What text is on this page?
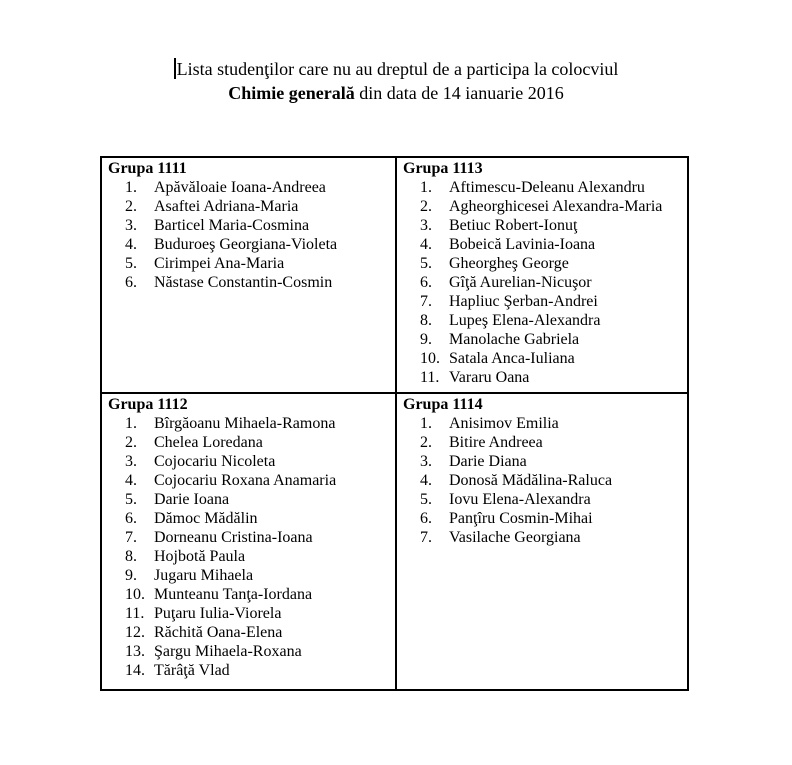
Lista studenţilor care nu au dreptul de a participa la colocviul
Chimie generală din data de 14 ianuarie 2016
Grupa 1111
1.	Apăvăloaie Ioana-Andreea
2.	Asaftei Adriana-Maria
3.	Barticel Maria-Cosmina
4.	Buduroeş Georgiana-Violeta
5.	Cirimpei Ana-Maria
6.	Năstase Constantin-Cosmin
Grupa 1113
1.	Aftimescu-Deleanu Alexandru
2.	Agheorghicesei Alexandra-Maria
3.	Betiuc Robert-Ionuţ
4.	Bobeică Lavinia-Ioana
5.	Gheorgheş George
6.	Gîţă Aurelian-Nicuşor
7.	Hapliuc Şerban-Andrei
8.	Lupeş Elena-Alexandra
9.	Manolache Gabriela
10. Satala Anca-Iuliana
11. Vararu Oana
Grupa 1112
1.	Bîrgăoanu Mihaela-Ramona
2.	Chelea Loredana
3.	Cojocariu Nicoleta
4.	Cojocariu Roxana Anamaria
5.	Darie Ioana
6.	Dămoc Mădălin
7.	Dorneanu Cristina-Ioana
8.	Hojbotă Paula
9.	Jugaru Mihaela
10. Munteanu Tanţa-Iordana
11. Puţaru Iulia-Viorela
12. Răchită Oana-Elena
13. Şargu Mihaela-Roxana
14. Tărâţă Vlad
Grupa 1114
1.	Anisimov Emilia
2.	Bitire Andreea
3.	Darie Diana
4.	Donosă Mădălina-Raluca
5.	Iovu Elena-Alexandra
6.	Panţîru Cosmin-Mihai
7.	Vasilache Georgiana
